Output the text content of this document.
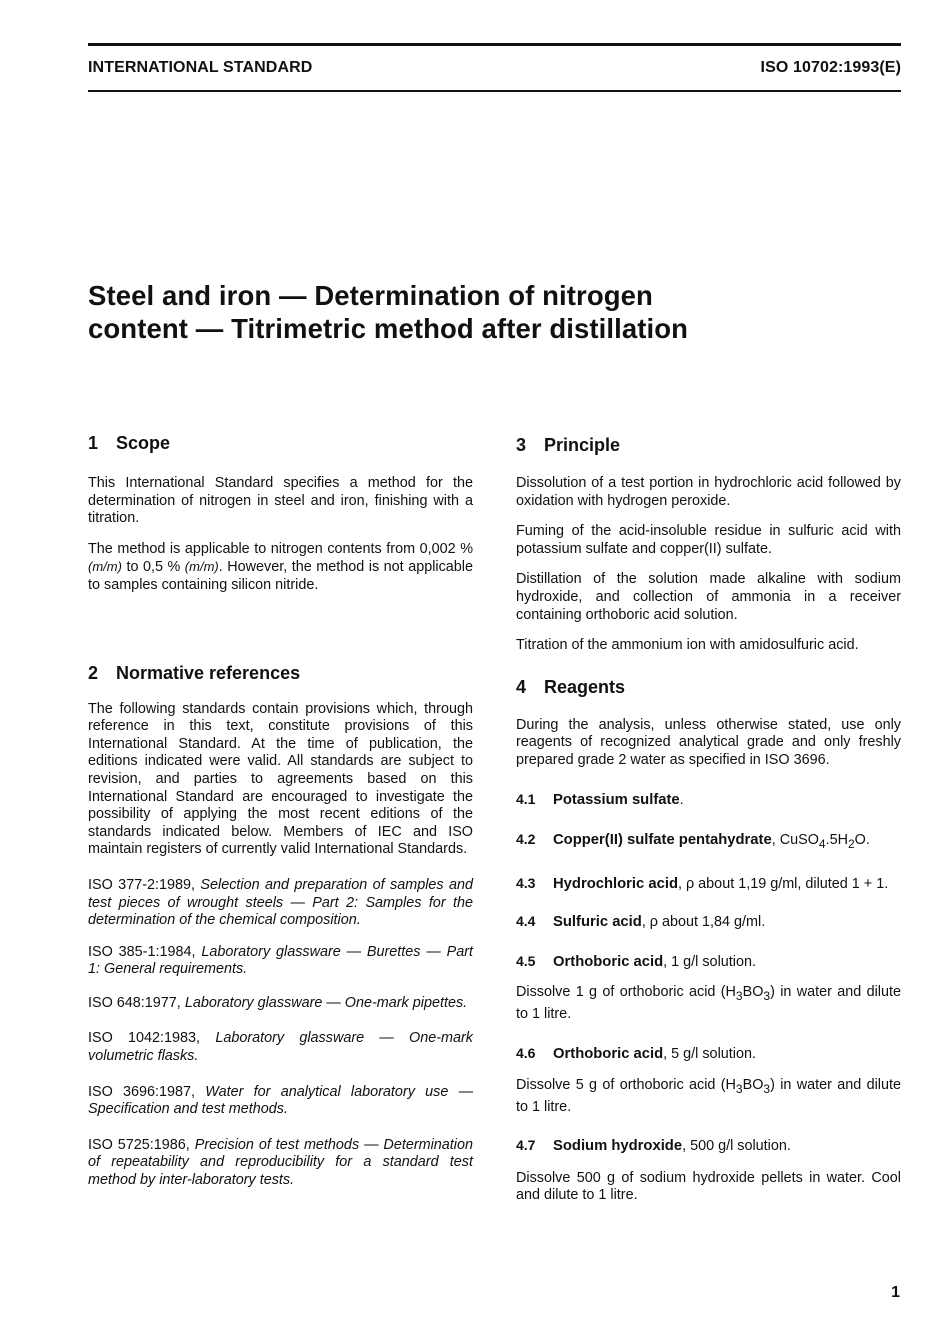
INTERNATIONAL STANDARD	ISO 10702:1993(E)
Steel and iron — Determination of nitrogen
content — Titrimetric method after distillation
1 Scope

This International Standard specifies a method for the determination of nitrogen in steel and iron, finishing with a titration.

The method is applicable to nitrogen contents from 0,002 % (m/m) to 0,5 % (m/m). However, the method is not applicable to samples containing silicon nitride.

2 Normative references

The following standards contain provisions which, through reference in this text, constitute provisions of this International Standard. At the time of publication, the editions indicated were valid. All standards are subject to revision, and parties to agreements based on this International Standard are encouraged to investigate the possibility of applying the most recent editions of the standards indicated below. Members of IEC and ISO maintain registers of currently valid International Standards.

ISO 377-2:1989, Selection and preparation of samples and test pieces of wrought steels — Part 2: Samples for the determination of the chemical composition.

ISO 385-1:1984, Laboratory glassware — Burettes — Part 1: General requirements.

ISO 648:1977, Laboratory glassware — One-mark pipettes.

ISO 1042:1983, Laboratory glassware — One-mark volumetric flasks.

ISO 3696:1987, Water for analytical laboratory use — Specification and test methods.

ISO 5725:1986, Precision of test methods — Determination of repeatability and reproducibility for a standard test method by inter-laboratory tests.

3 Principle

Dissolution of a test portion in hydrochloric acid followed by oxidation with hydrogen peroxide.

Fuming of the acid-insoluble residue in sulfuric acid with potassium sulfate and copper(II) sulfate.

Distillation of the solution made alkaline with sodium hydroxide, and collection of ammonia in a receiver containing orthoboric acid solution.

Titration of the ammonium ion with amidosulfuric acid.

4 Reagents

During the analysis, unless otherwise stated, use only reagents of recognized analytical grade and only freshly prepared grade 2 water as specified in ISO 3696.

4.1 Potassium sulfate.

4.2 Copper(II) sulfate pentahydrate, $CuSO_4.5H_2O$.

4.3 Hydrochloric acid, ρ about 1,19 g/ml, diluted 1 + 1.

4.4 Sulfuric acid, ρ about 1,84 g/ml.

4.5 Orthoboric acid, 1 g/l solution.

Dissolve 1 g of orthoboric acid $(H_3BO_3)$ in water and dilute to 1 litre.

4.6 Orthoboric acid, 5 g/l solution.

Dissolve 5 g of orthoboric acid $(H_3BO_3)$ in water and dilute to 1 litre.

4.7 Sodium hydroxide, 500 g/l solution.

Dissolve 500 g of sodium hydroxide pellets in water. Cool and dilute to 1 litre.

1
